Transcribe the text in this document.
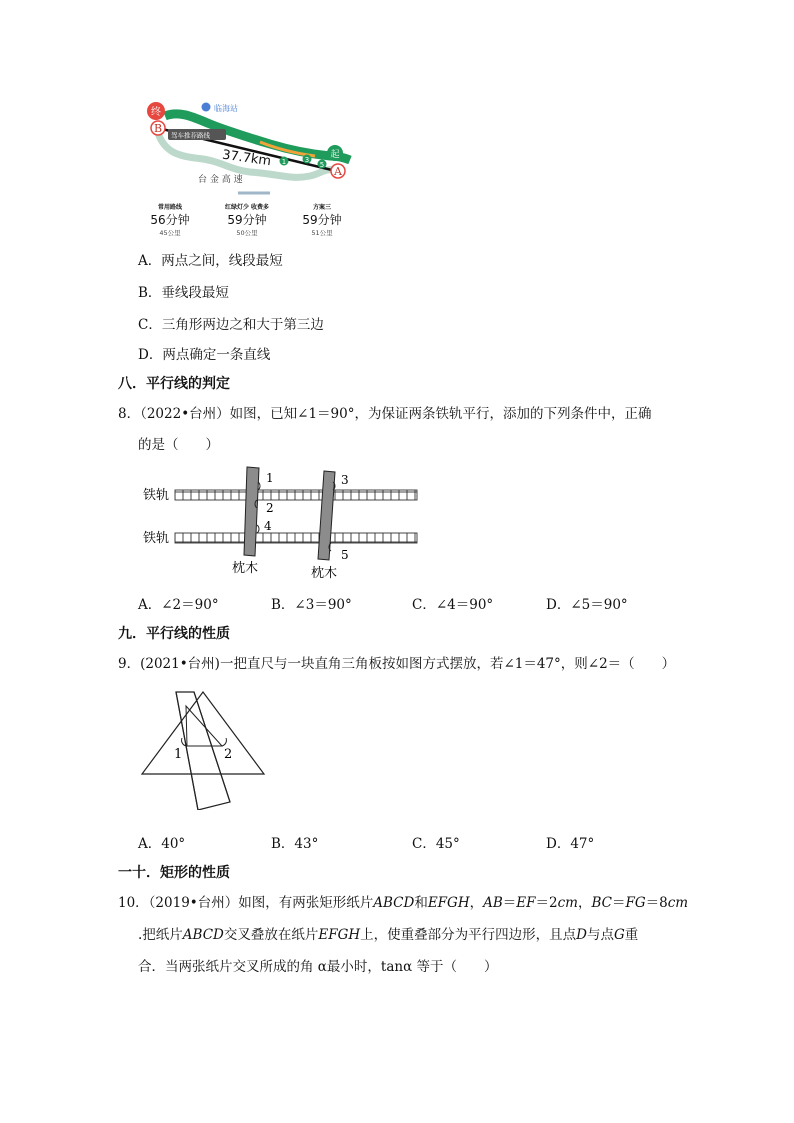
终
起
B
A
临海站
驾车推荐路线
37.7km 1	3
5
台 金 高 速
常用路线
56分钟
45公里
红绿灯少 收费多
59分钟
50公里
方案三
59分钟
51公里
A．两点之间，线段最短
B．垂线段最短
C．三角形两边之和大于第三边
D．两点确定一条直线
八．平行线的判定
8．（2022•台州）如图，已知∠1＝90°，为保证两条铁轨平行，添加的下列条件中，正确
的是（　　）
铁轨
铁轨
1
2
3
4
5
枕木	枕木
A．∠2＝90°	B．∠3＝90°	C．∠4＝90°	D．∠5＝90°
九．平行线的性质
9．(2021•台州)一把直尺与一块直角三角板按如图方式摆放，若∠1＝47°，则∠2＝（　　）
1	2
A．40°	B．43°	C．45°	D．47°
一十．矩形的性质
10．（2019•台州）如图，有两张矩形纸片ABCD和EFGH，AB＝EF＝2cm，BC＝FG＝8cm
.把纸片ABCD交叉叠放在纸片EFGH上，使重叠部分为平行四边形，且点D与点G重
合．当两张纸片交叉所成的角 α最小时，tanα 等于（　　）
